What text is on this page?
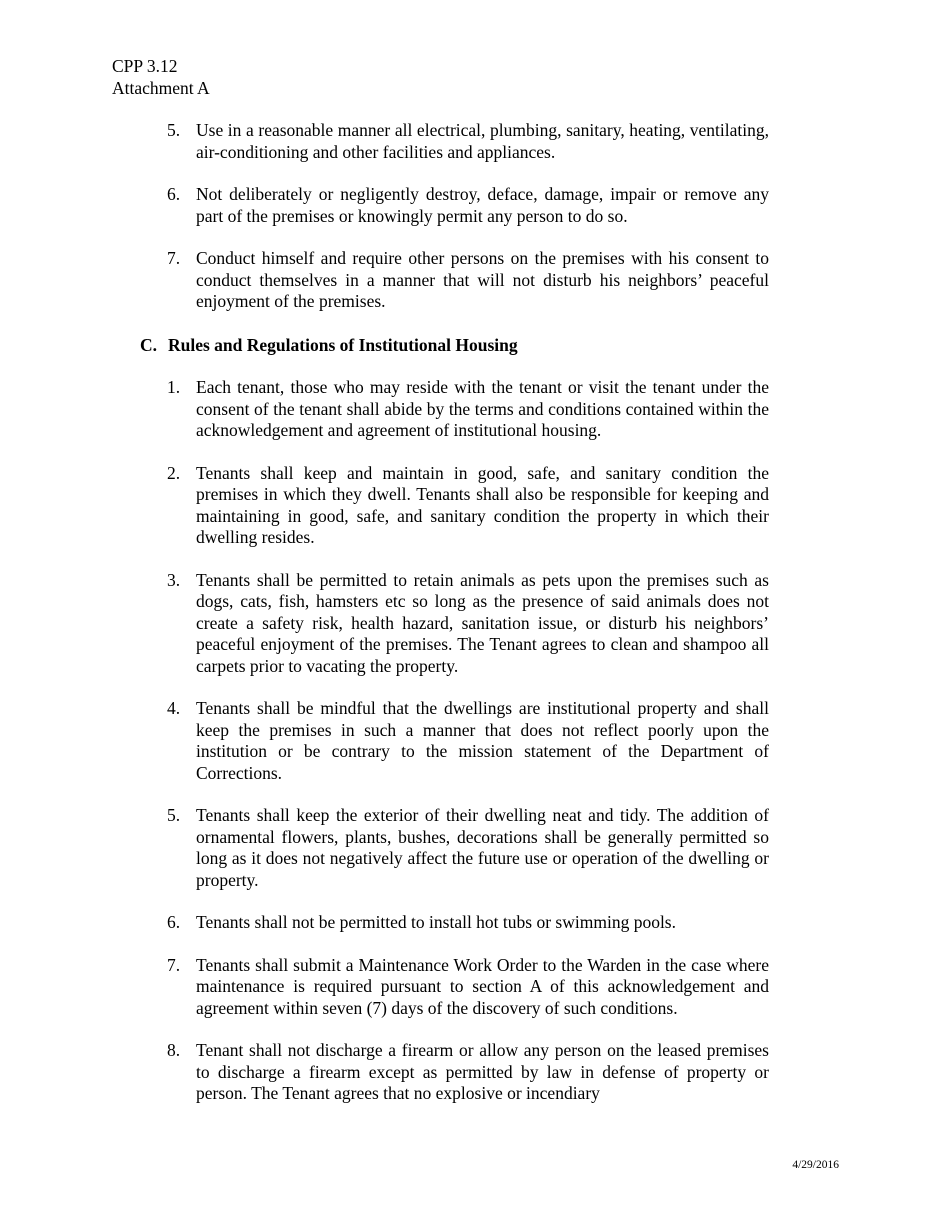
CPP 3.12
Attachment A
5. Use in a reasonable manner all electrical, plumbing, sanitary, heating, ventilating, air-conditioning and other facilities and appliances.
6. Not deliberately or negligently destroy, deface, damage, impair or remove any part of the premises or knowingly permit any person to do so.
7. Conduct himself and require other persons on the premises with his consent to conduct themselves in a manner that will not disturb his neighbors’ peaceful enjoyment of the premises.
C. Rules and Regulations of Institutional Housing
1. Each tenant, those who may reside with the tenant or visit the tenant under the consent of the tenant shall abide by the terms and conditions contained within the acknowledgement and agreement of institutional housing.
2. Tenants shall keep and maintain in good, safe, and sanitary condition the premises in which they dwell. Tenants shall also be responsible for keeping and maintaining in good, safe, and sanitary condition the property in which their dwelling resides.
3. Tenants shall be permitted to retain animals as pets upon the premises such as dogs, cats, fish, hamsters etc so long as the presence of said animals does not create a safety risk, health hazard, sanitation issue, or disturb his neighbors’ peaceful enjoyment of the premises. The Tenant agrees to clean and shampoo all carpets prior to vacating the property.
4. Tenants shall be mindful that the dwellings are institutional property and shall keep the premises in such a manner that does not reflect poorly upon the institution or be contrary to the mission statement of the Department of Corrections.
5. Tenants shall keep the exterior of their dwelling neat and tidy. The addition of ornamental flowers, plants, bushes, decorations shall be generally permitted so long as it does not negatively affect the future use or operation of the dwelling or property.
6. Tenants shall not be permitted to install hot tubs or swimming pools.
7. Tenants shall submit a Maintenance Work Order to the Warden in the case where maintenance is required pursuant to section A of this acknowledgement and agreement within seven (7) days of the discovery of such conditions.
8. Tenant shall not discharge a firearm or allow any person on the leased premises to discharge a firearm except as permitted by law in defense of property or person. The Tenant agrees that no explosive or incendiary
4/29/2016
